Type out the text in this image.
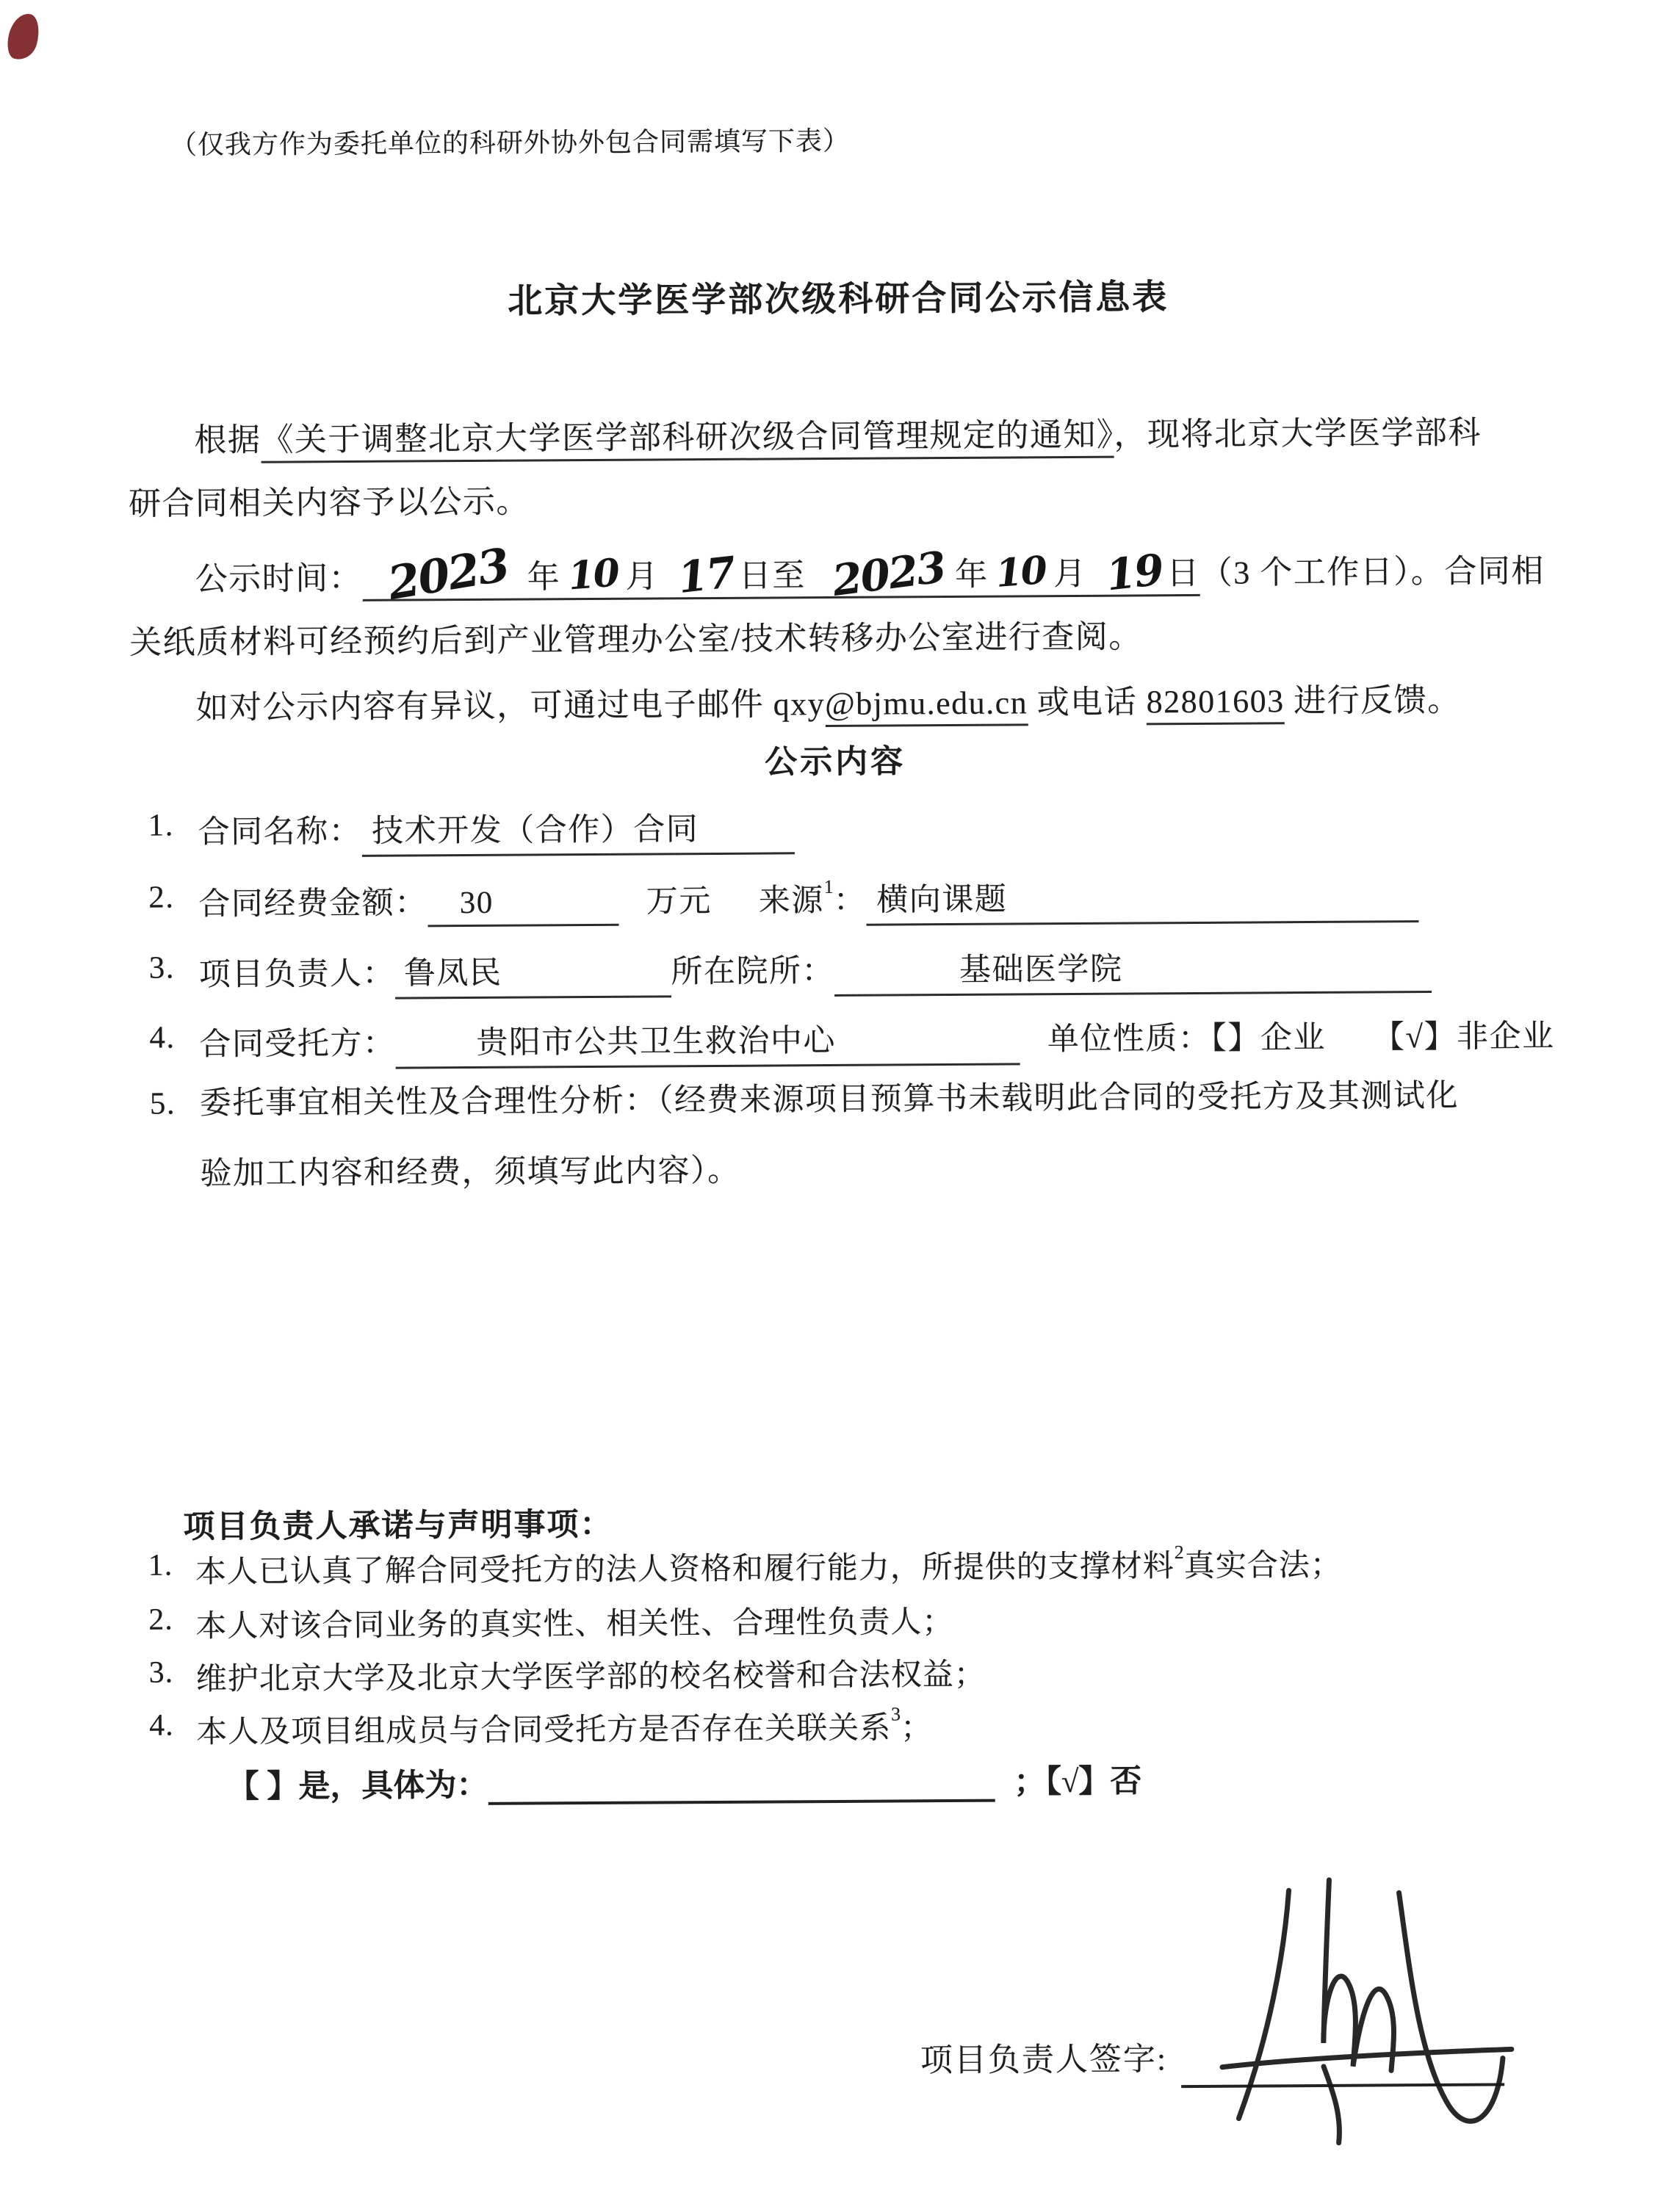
（仅我方作为委托单位的科研外协外包合同需填写下表）
北京大学医学部次级科研合同公示信息表
根据《关于调整北京大学医学部科研次级合同管理规定的通知》，现将北京大学医学部科
研合同相关内容予以公示。
公示时间： 2023 年 10 月 17日至 2023 年 10 月 19日（3 个工作日）。合同相
关纸质材料可经预约后到产业管理办公室/技术转移办公室进行查阅。
如对公示内容有异议，可通过电子邮件 qxy@bjmu.edu.cn 或电话 82801603 进行反馈。
公示内容
1. 合同名称： 技术开发（合作）合同
2. 合同经费金额： 30	万元 来源$^1$： 横向课题
3. 项目负责人： 鲁凤民	所在院所：	基础医学院
4. 合同受托方：	贵阳市公共卫生救治中心	单位性质：【】企业 【√】非企业
5. 委托事宜相关性及合理性分析：（经费来源项目预算书未载明此合同的受托方及其测试化
验加工内容和经费，须填写此内容）。
项目负责人承诺与声明事项：
1. 本人已认真了解合同受托方的法人资格和履行能力，所提供的支撑材料$^2$真实合法；
2. 本人对该合同业务的真实性、相关性、合理性负责人；
3. 维护北京大学及北京大学医学部的校名校誉和合法权益；
4. 本人及项目组成员与合同受托方是否存在关联关系$^3$；
【 】是，具体为：	；【√】否
项目负责人签字:
